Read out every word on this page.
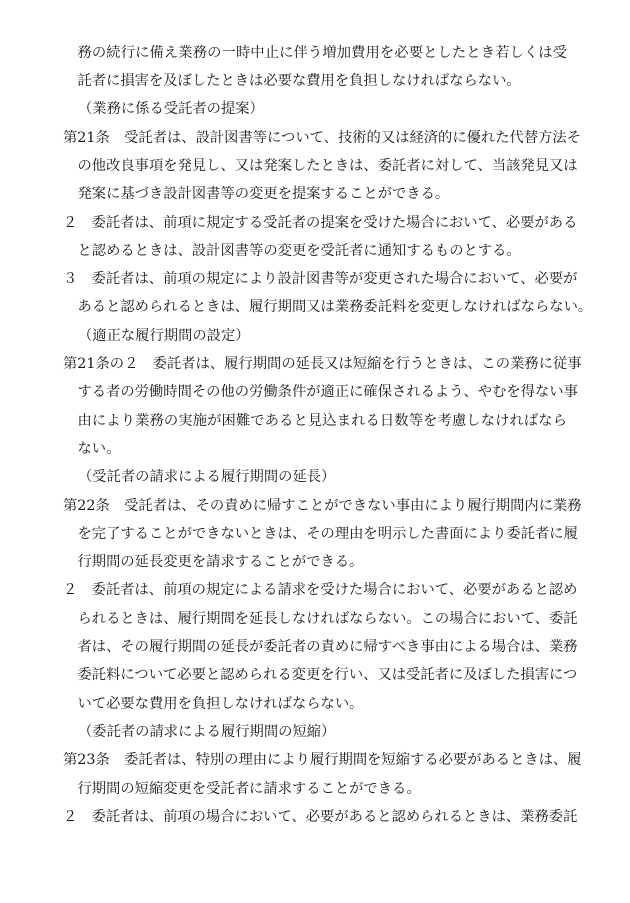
務の続行に備え業務の一時中止に伴う増加費用を必要としたとき若しくは受
託者に損害を及ぼしたときは必要な費用を負担しなければならない。
（業務に係る受託者の提案）
第21条　受託者は、設計図書等について、技術的又は経済的に優れた代替方法そ
の他改良事項を発見し、又は発案したときは、委託者に対して、当該発見又は
発案に基づき設計図書等の変更を提案することができる。
２　委託者は、前項に規定する受託者の提案を受けた場合において、必要がある
と認めるときは、設計図書等の変更を受託者に通知するものとする。
３　委託者は、前項の規定により設計図書等が変更された場合において、必要が
あると認められるときは、履行期間又は業務委託料を変更しなければならない。
（適正な履行期間の設定）
第21条の２　委託者は、履行期間の延長又は短縮を行うときは、この業務に従事
する者の労働時間その他の労働条件が適正に確保されるよう、やむを得ない事
由により業務の実施が困難であると見込まれる日数等を考慮しなければなら
ない。
（受託者の請求による履行期間の延長）
第22条　受託者は、その責めに帰すことができない事由により履行期間内に業務
を完了することができないときは、その理由を明示した書面により委託者に履
行期間の延長変更を請求することができる。
２　委託者は、前項の規定による請求を受けた場合において、必要があると認め
られるときは、履行期間を延長しなければならない。この場合において、委託
者は、その履行期間の延長が委託者の責めに帰すべき事由による場合は、業務
委託料について必要と認められる変更を行い、又は受託者に及ぼした損害につ
いて必要な費用を負担しなければならない。
（委託者の請求による履行期間の短縮）
第23条　委託者は、特別の理由により履行期間を短縮する必要があるときは、履
行期間の短縮変更を受託者に請求することができる。
２　委託者は、前項の場合において、必要があると認められるときは、業務委託
